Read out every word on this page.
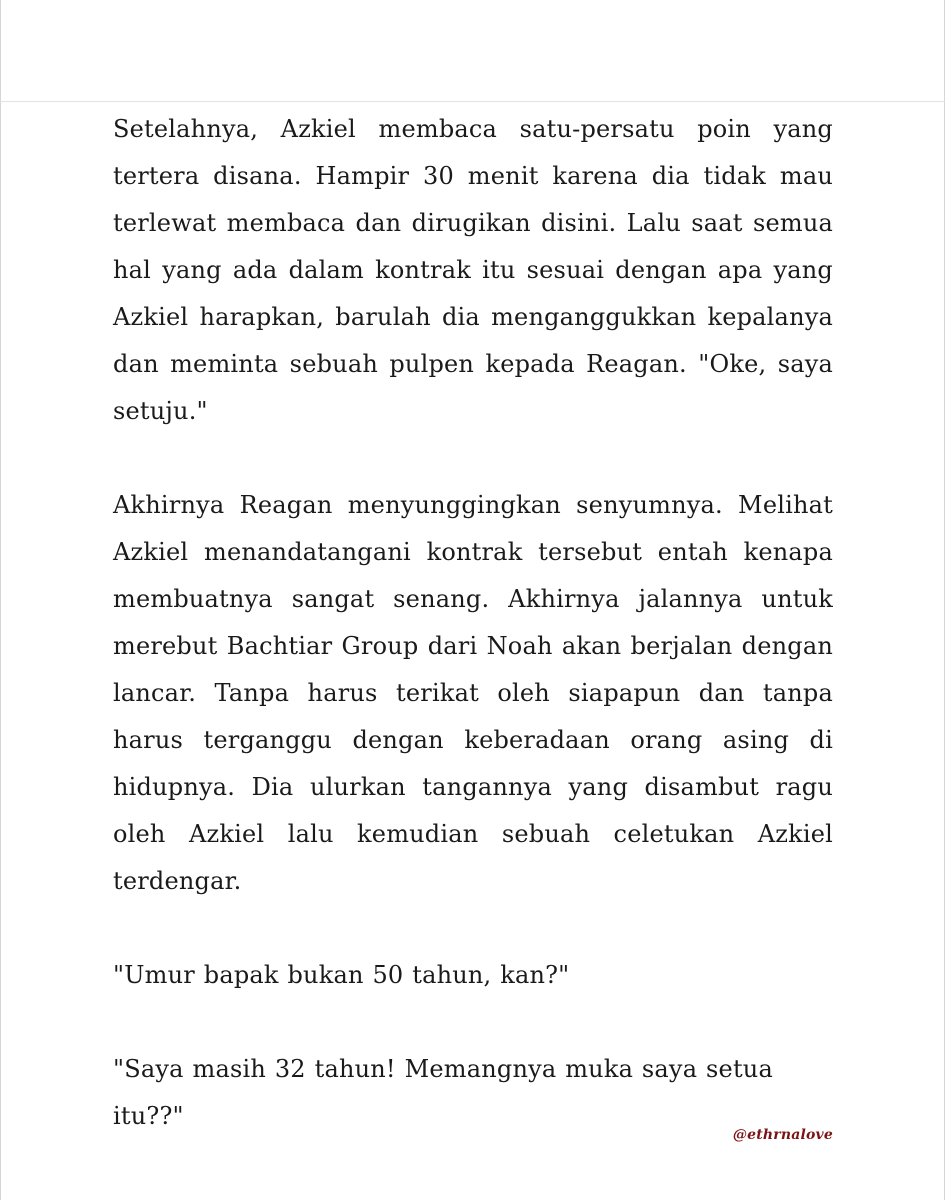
Setelahnya, Azkiel membaca satu-persatu poin yang tertera disana. Hampir 30 menit karena dia tidak mau terlewat membaca dan dirugikan disini. Lalu saat semua hal yang ada dalam kontrak itu sesuai dengan apa yang Azkiel harapkan, barulah dia menganggukkan kepalanya dan meminta sebuah pulpen kepada Reagan. "Oke, saya setuju."

Akhirnya Reagan menyunggingkan senyumnya. Melihat Azkiel menandatangani kontrak tersebut entah kenapa membuatnya sangat senang. Akhirnya jalannya untuk merebut Bachtiar Group dari Noah akan berjalan dengan lancar. Tanpa harus terikat oleh siapapun dan tanpa harus terganggu dengan keberadaan orang asing di hidupnya. Dia ulurkan tangannya yang disambut ragu oleh Azkiel lalu kemudian sebuah celetukan Azkiel terdengar.

"Umur bapak bukan 50 tahun, kan?"

"Saya masih 32 tahun! Memangnya muka saya setua itu??"

@ethrnalove
